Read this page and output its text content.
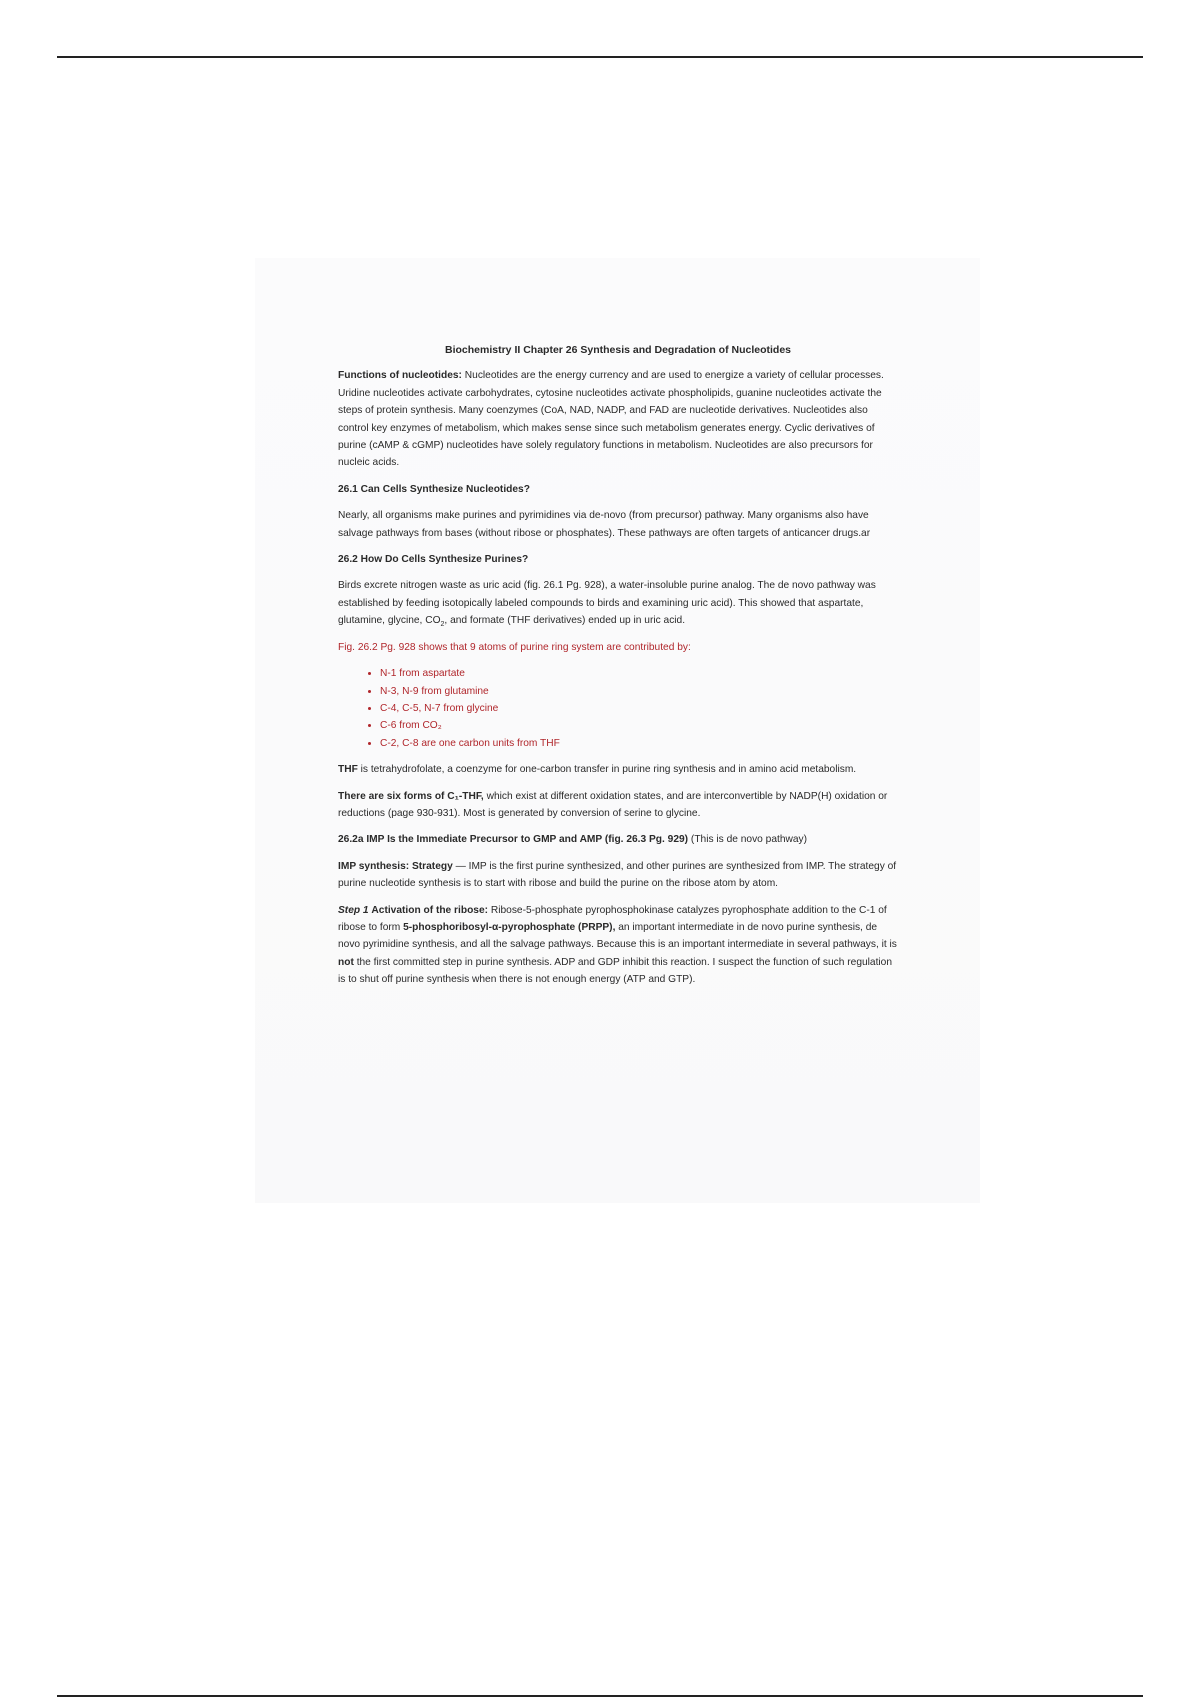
Biochemistry II Chapter 26 Synthesis and Degradation of Nucleotides

Functions of nucleotides: Nucleotides are the energy currency and are used to energize a variety of cellular processes. Uridine nucleotides activate carbohydrates, cytosine nucleotides activate phospholipids, guanine nucleotides activate the steps of protein synthesis. Many coenzymes (CoA, NAD, NADP, and FAD are nucleotide derivatives. Nucleotides also control key enzymes of metabolism, which makes sense since such metabolism generates energy. Cyclic derivatives of purine (cAMP & cGMP) nucleotides have solely regulatory functions in metabolism. Nucleotides are also precursors for nucleic acids.

26.1 Can Cells Synthesize Nucleotides?

Nearly, all organisms make purines and pyrimidines via de-novo (from precursor) pathway. Many organisms also have salvage pathways from bases (without ribose or phosphates). These pathways are often targets of anticancer drugs.ar

26.2 How Do Cells Synthesize Purines?

Birds excrete nitrogen waste as uric acid (fig. 26.1 Pg. 928), a water-insoluble purine analog. The de novo pathway was established by feeding isotopically labeled compounds to birds and examining uric acid). This showed that aspartate, glutamine, glycine, $CO_2$, and formate (THF derivatives) ended up in uric acid.

Fig. 26.2 Pg. 928 shows that 9 atoms of purine ring system are contributed by:

• N-1 from aspartate
• N-3, N-9 from glutamine
• C-4, C-5, N-7 from glycine
• C-6 from CO₂
• C-2, C-8 are one carbon units from THF

THF is tetrahydrofolate, a coenzyme for one-carbon transfer in purine ring synthesis and in amino acid metabolism.

There are six forms of C₁-THF, which exist at different oxidation states, and are interconvertible by NADP(H) oxidation or reductions (page 930-931). Most is generated by conversion of serine to glycine.

26.2a IMP Is the Immediate Precursor to GMP and AMP (fig. 26.3 Pg. 929) (This is de novo pathway)

IMP synthesis: Strategy — IMP is the first purine synthesized, and other purines are synthesized from IMP. The strategy of purine nucleotide synthesis is to start with ribose and build the purine on the ribose atom by atom.

Step 1 Activation of the ribose: Ribose-5-phosphate pyrophosphokinase catalyzes pyrophosphate addition to the C-1 of ribose to form 5-phosphoribosyl-α-pyrophosphate (PRPP), an important intermediate in de novo purine synthesis, de novo pyrimidine synthesis, and all the salvage pathways. Because this is an important intermediate in several pathways, it is not the first committed step in purine synthesis. ADP and GDP inhibit this reaction. I suspect the function of such regulation is to shut off purine synthesis when there is not enough energy (ATP and GTP).
